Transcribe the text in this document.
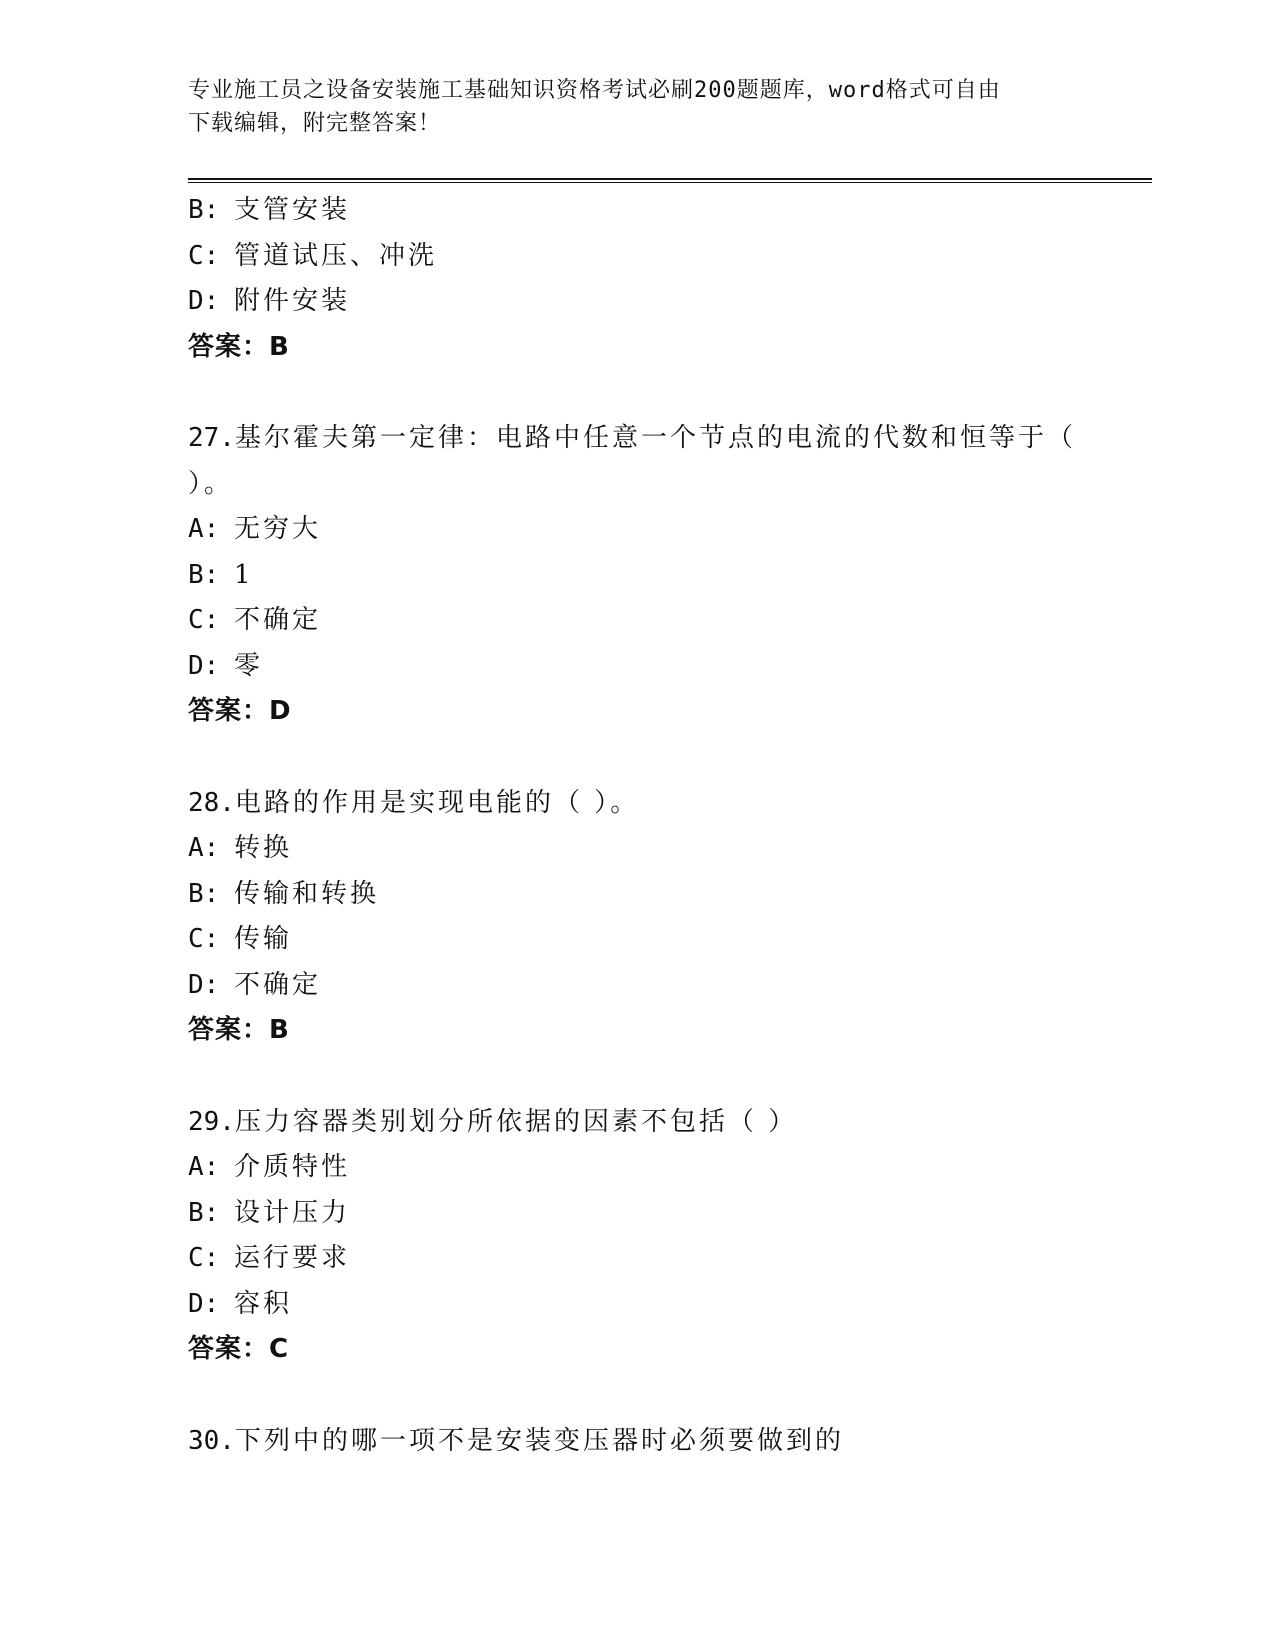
专业施工员之设备安装施工基础知识资格考试必刷200题题库，word格式可自由
下载编辑，附完整答案！
B: 支管安装
C: 管道试压、冲洗
D: 附件安装
答案：B
27.基尔霍夫第一定律：电路中任意一个节点的电流的代数和恒等于（
）。
A: 无穷大
B: 1
C: 不确定
D: 零
答案：D
28.电路的作用是实现电能的（ ）。
A: 转换
B: 传输和转换
C: 传输
D: 不确定
答案：B
29.压力容器类别划分所依据的因素不包括（ ）
A: 介质特性
B: 设计压力
C: 运行要求
D: 容积
答案：C
30.下列中的哪一项不是安装变压器时必须要做到的
